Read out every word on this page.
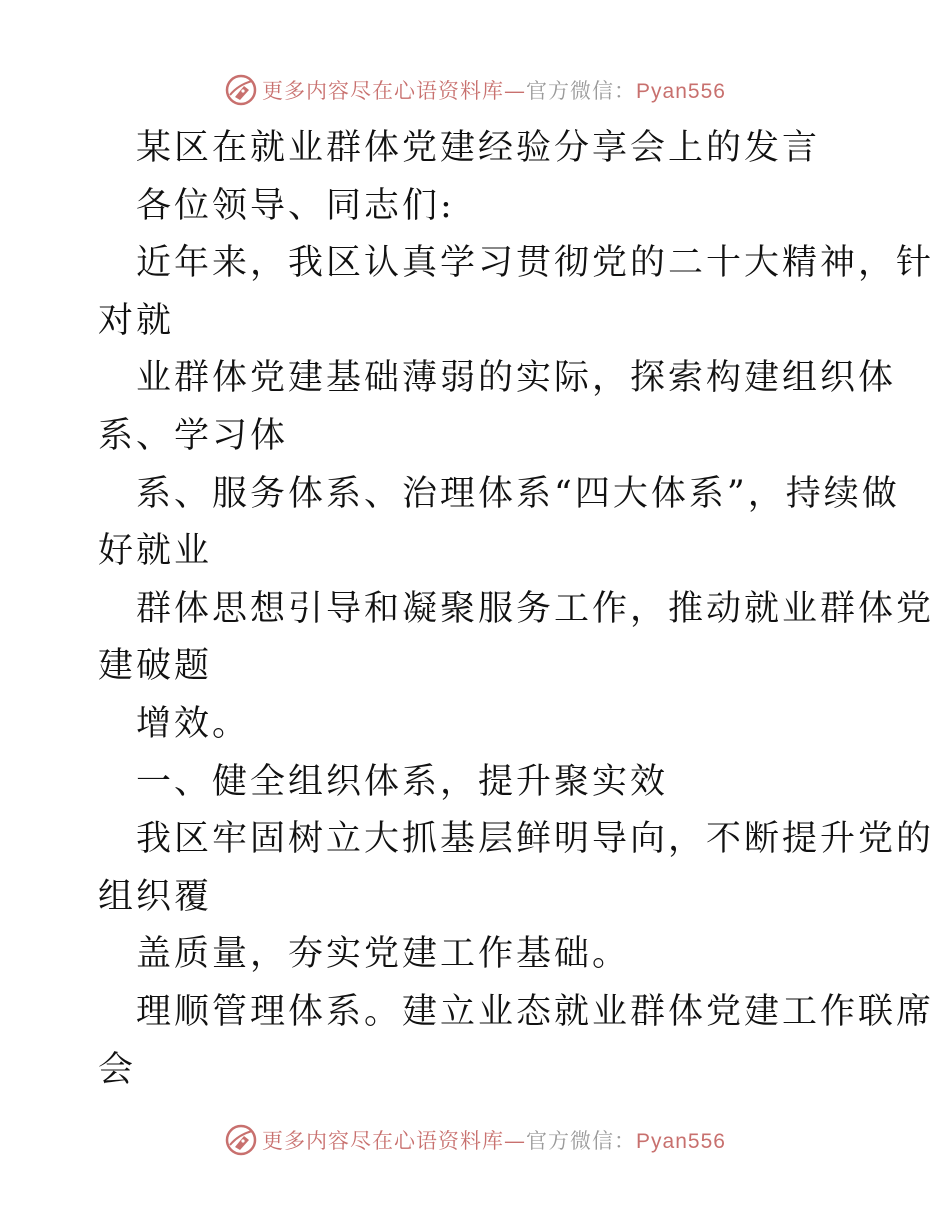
更多内容尽在心语资料库—官方微信：Pyan556
某区在就业群体党建经验分享会上的发言
各位领导、同志们:
近年来，我区认真学习贯彻党的二十大精神，针
对就
业群体党建基础薄弱的实际，探索构建组织体
系、学习体
系、服务体系、治理体系“四大体系”，持续做
好就业
群体思想引导和凝聚服务工作，推动就业群体党
建破题
增效。
一、健全组织体系，提升聚实效
我区牢固树立大抓基层鲜明导向，不断提升党的
组织覆
盖质量，夯实党建工作基础。
理顺管理体系。建立业态就业群体党建工作联席
会
更多内容尽在心语资料库—官方微信：Pyan556
